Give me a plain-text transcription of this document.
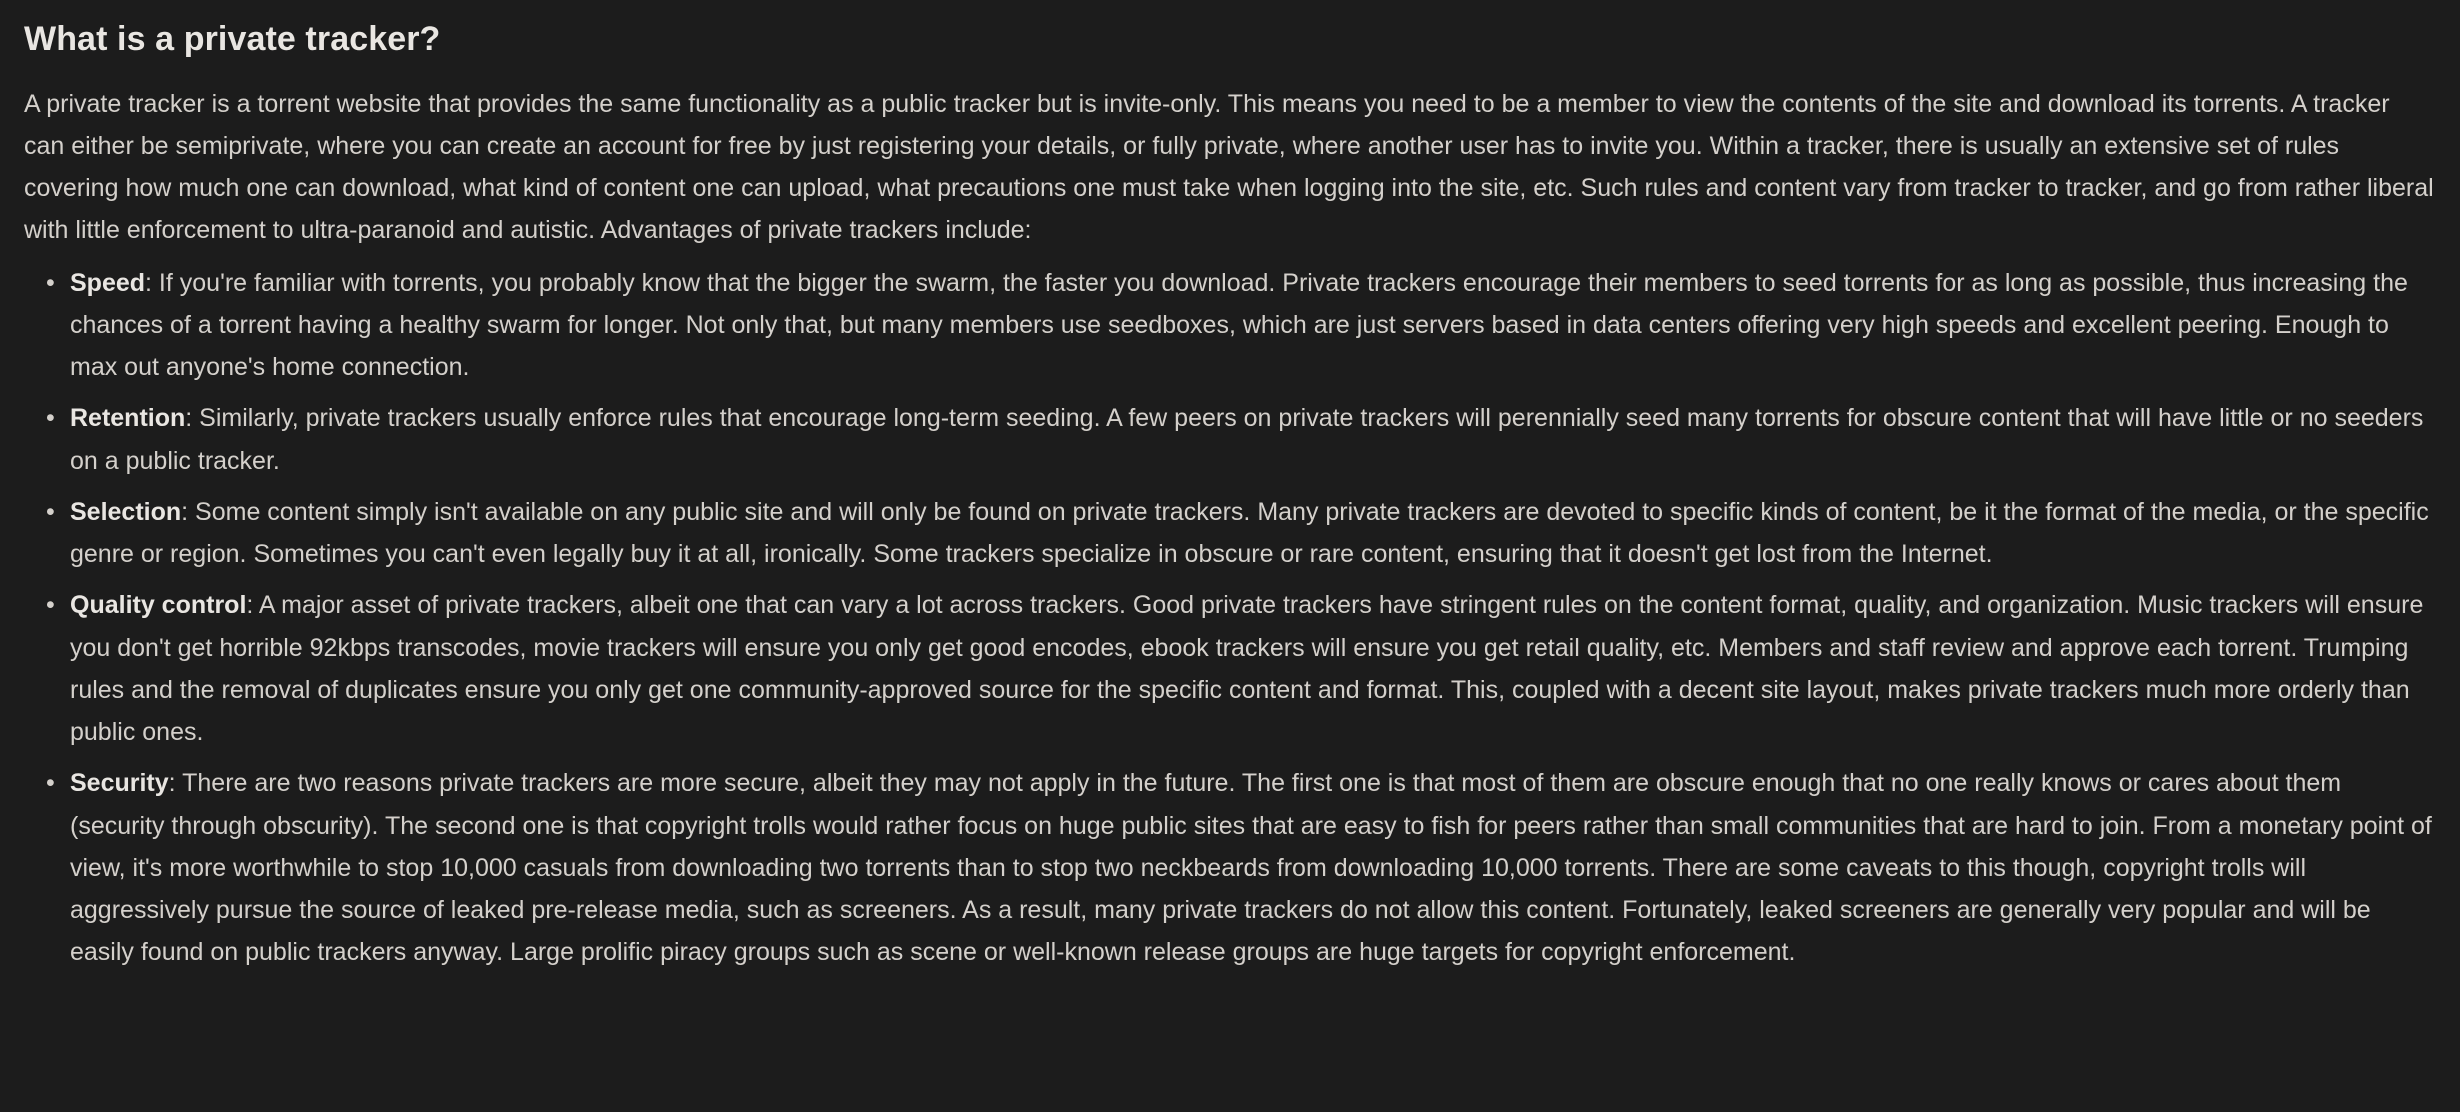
What is a private tracker?

A private tracker is a torrent website that provides the same functionality as a public tracker but is invite-only. This means you need to be a member to view the contents of the site and download its torrents. A tracker can either be semiprivate, where you can create an account for free by just registering your details, or fully private, where another user has to invite you. Within a tracker, there is usually an extensive set of rules covering how much one can download, what kind of content one can upload, what precautions one must take when logging into the site, etc. Such rules and content vary from tracker to tracker, and go from rather liberal with little enforcement to ultra-paranoid and autistic. Advantages of private trackers include:

• Speed: If you're familiar with torrents, you probably know that the bigger the swarm, the faster you download. Private trackers encourage their members to seed torrents for as long as possible, thus increasing the chances of a torrent having a healthy swarm for longer. Not only that, but many members use seedboxes, which are just servers based in data centers offering very high speeds and excellent peering. Enough to max out anyone's home connection.
• Retention: Similarly, private trackers usually enforce rules that encourage long-term seeding. A few peers on private trackers will perennially seed many torrents for obscure content that will have little or no seeders on a public tracker.
• Selection: Some content simply isn't available on any public site and will only be found on private trackers. Many private trackers are devoted to specific kinds of content, be it the format of the media, or the specific genre or region. Sometimes you can't even legally buy it at all, ironically. Some trackers specialize in obscure or rare content, ensuring that it doesn't get lost from the Internet.
• Quality control: A major asset of private trackers, albeit one that can vary a lot across trackers. Good private trackers have stringent rules on the content format, quality, and organization. Music trackers will ensure you don't get horrible 92kbps transcodes, movie trackers will ensure you only get good encodes, ebook trackers will ensure you get retail quality, etc. Members and staff review and approve each torrent. Trumping rules and the removal of duplicates ensure you only get one community-approved source for the specific content and format. This, coupled with a decent site layout, makes private trackers much more orderly than public ones.
• Security: There are two reasons private trackers are more secure, albeit they may not apply in the future. The first one is that most of them are obscure enough that no one really knows or cares about them (security through obscurity). The second one is that copyright trolls would rather focus on huge public sites that are easy to fish for peers rather than small communities that are hard to join. From a monetary point of view, it's more worthwhile to stop 10,000 casuals from downloading two torrents than to stop two neckbeards from downloading 10,000 torrents. There are some caveats to this though, copyright trolls will aggressively pursue the source of leaked pre-release media, such as screeners. As a result, many private trackers do not allow this content. Fortunately, leaked screeners are generally very popular and will be easily found on public trackers anyway. Large prolific piracy groups such as scene or well-known release groups are huge targets for copyright enforcement.
